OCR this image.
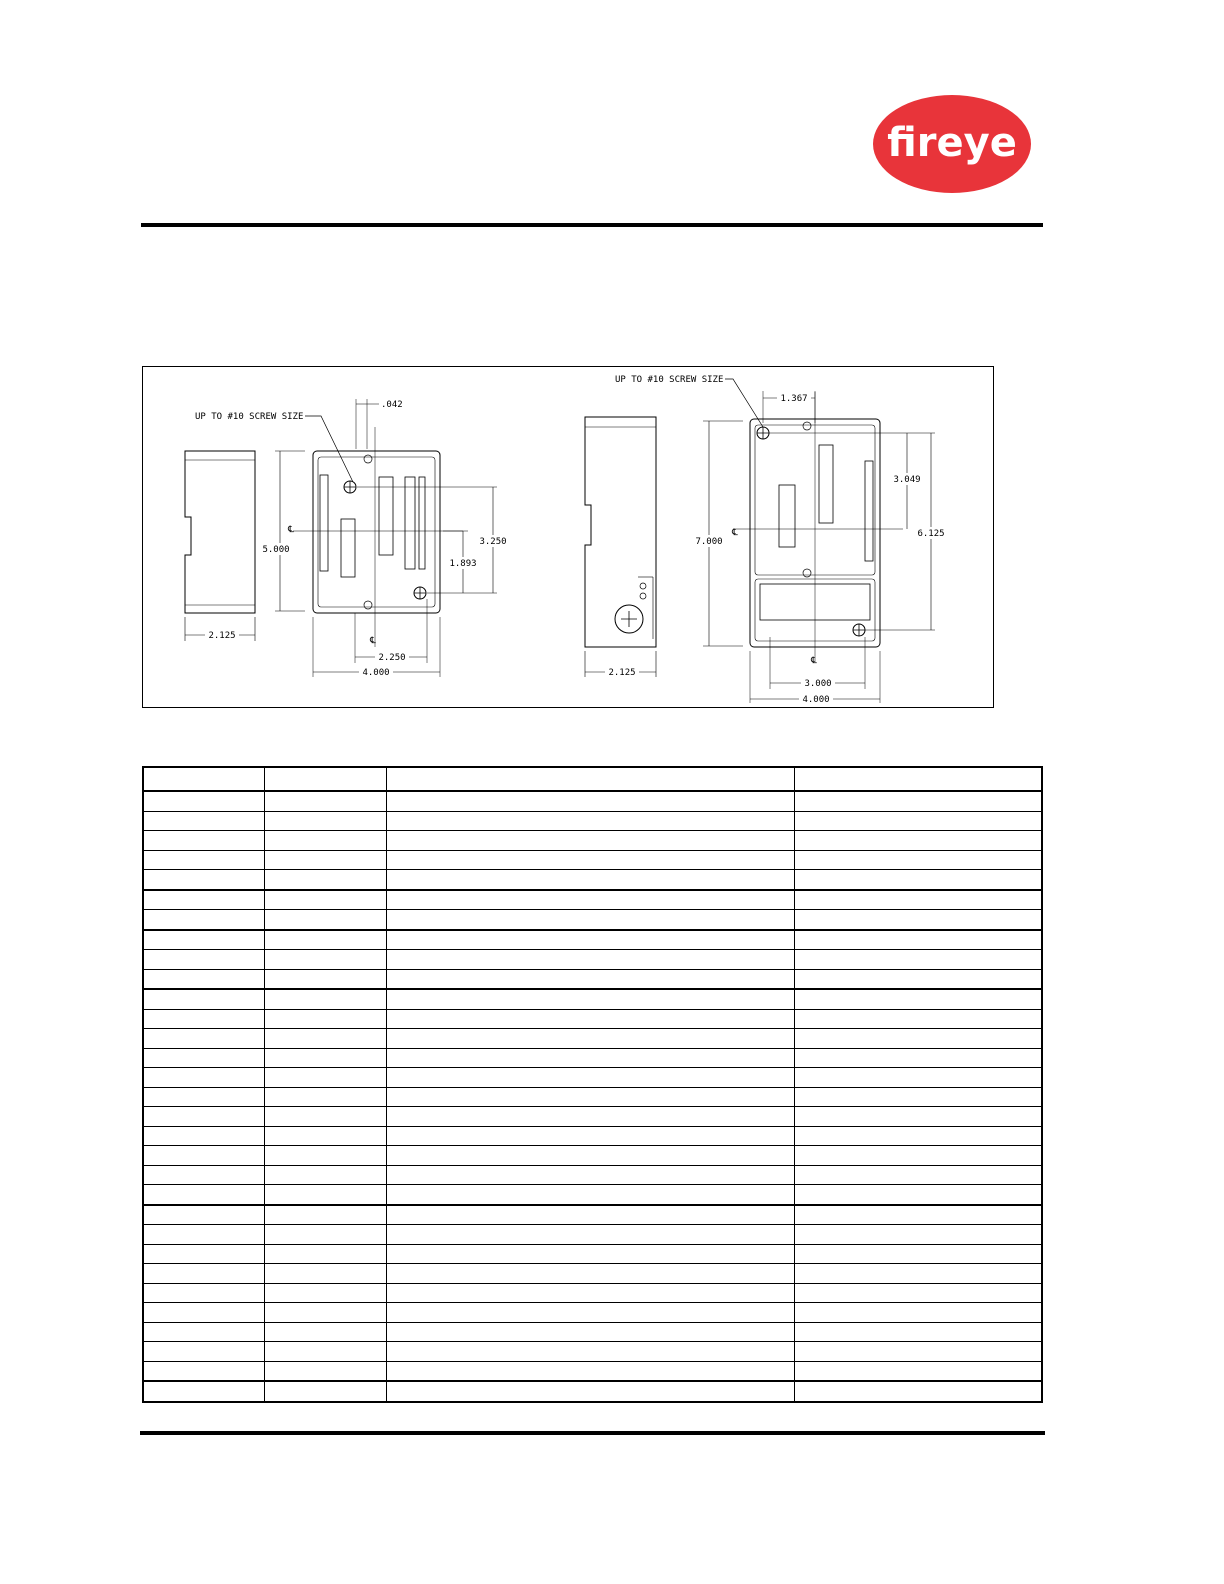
fireye
2.125
5.000
℄
UP TO #10 SCREW SIZE
.042
3.250
1.893
2.250
4.000
℄
2.125
7.000
℄
UP TO #10 SCREW SIZE
1.367
6.125
3.049
3.000
4.000
℄
